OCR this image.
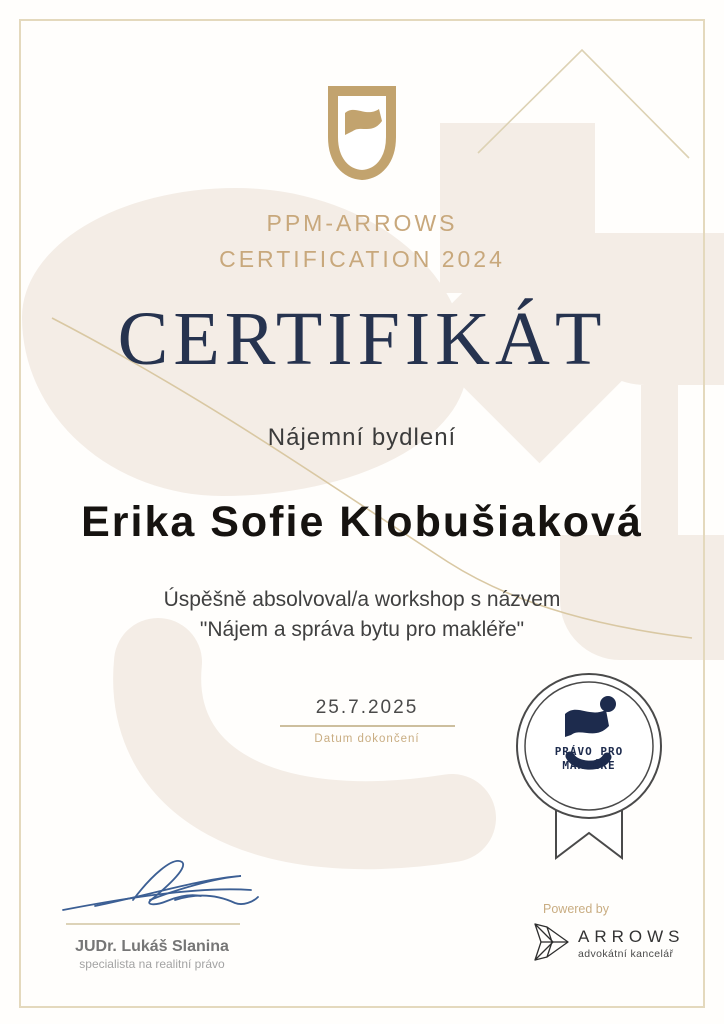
PPM-ARROWS
CERTIFICATION 2024
CERTIFIKÁT
Nájemní bydlení
Erika Sofie Klobušiaková
Úspěšně absolvoval/a workshop s názvem
"Nájem a správa bytu pro makléře"
25.7.2025
Datum dokončení
PRÁVO PRO
MAKLÉŘE
JUDr. Lukáš Slanina
specialista na realitní právo
Powered by
ARROWS
advokátní kancelář
